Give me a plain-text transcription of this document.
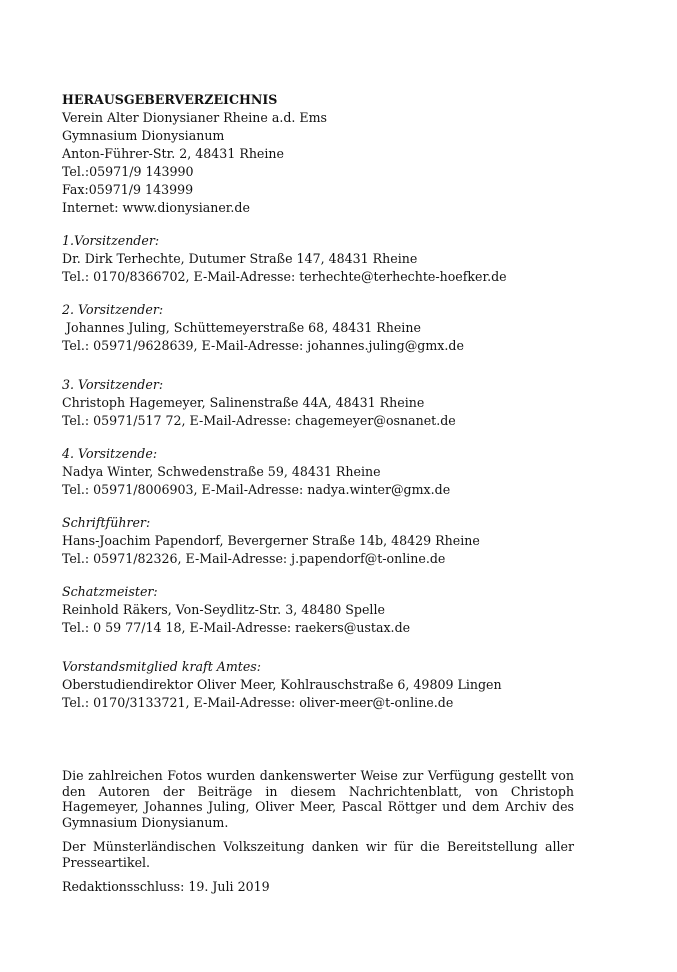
HERAUSGEBERVERZEICHNIS
Verein Alter Dionysianer Rheine a.d. Ems
Gymnasium Dionysianum
Anton-Führer-Str. 2, 48431 Rheine
Tel.:05971/9 143990
Fax:05971/9 143999
Internet: www.dionysianer.de
1.Vorsitzender:
Dr. Dirk Terhechte, Dutumer Straße 147, 48431 Rheine
Tel.: 0170/8366702, E-Mail-Adresse: terhechte@terhechte-hoefker.de
2. Vorsitzender:
Johannes Juling, Schüttemeyerstraße 68, 48431 Rheine
Tel.: 05971/9628639, E-Mail-Adresse: johannes.juling@gmx.de
3. Vorsitzender:
Christoph Hagemeyer, Salinenstraße 44A, 48431 Rheine
Tel.: 05971/517 72, E-Mail-Adresse: chagemeyer@osnanet.de
4. Vorsitzende:
Nadya Winter, Schwedenstraße 59, 48431 Rheine
Tel.: 05971/8006903, E-Mail-Adresse: nadya.winter@gmx.de
Schriftführer:
Hans-Joachim Papendorf, Bevergerner Straße 14b, 48429 Rheine
Tel.: 05971/82326, E-Mail-Adresse: j.papendorf@t-online.de
Schatzmeister:
Reinhold Räkers, Von-Seydlitz-Str. 3, 48480 Spelle
Tel.: 0 59 77/14 18, E-Mail-Adresse: raekers@ustax.de
Vorstandsmitglied kraft Amtes:
Oberstudiendirektor Oliver Meer, Kohlrauschstraße 6, 49809 Lingen
Tel.: 0170/3133721, E-Mail-Adresse: oliver-meer@t-online.de

Die zahlreichen Fotos wurden dankenswerter Weise zur Verfügung gestellt von den Autoren der Beiträge in diesem Nachrichtenblatt, von Christoph Hagemeyer, Johannes Juling, Oliver Meer, Pascal Röttger und dem Archiv des Gymnasium Dionysianum.

Der Münsterländischen Volkszeitung danken wir für die Bereitstellung aller Presseartikel.

Redaktionsschluss: 19. Juli 2019
